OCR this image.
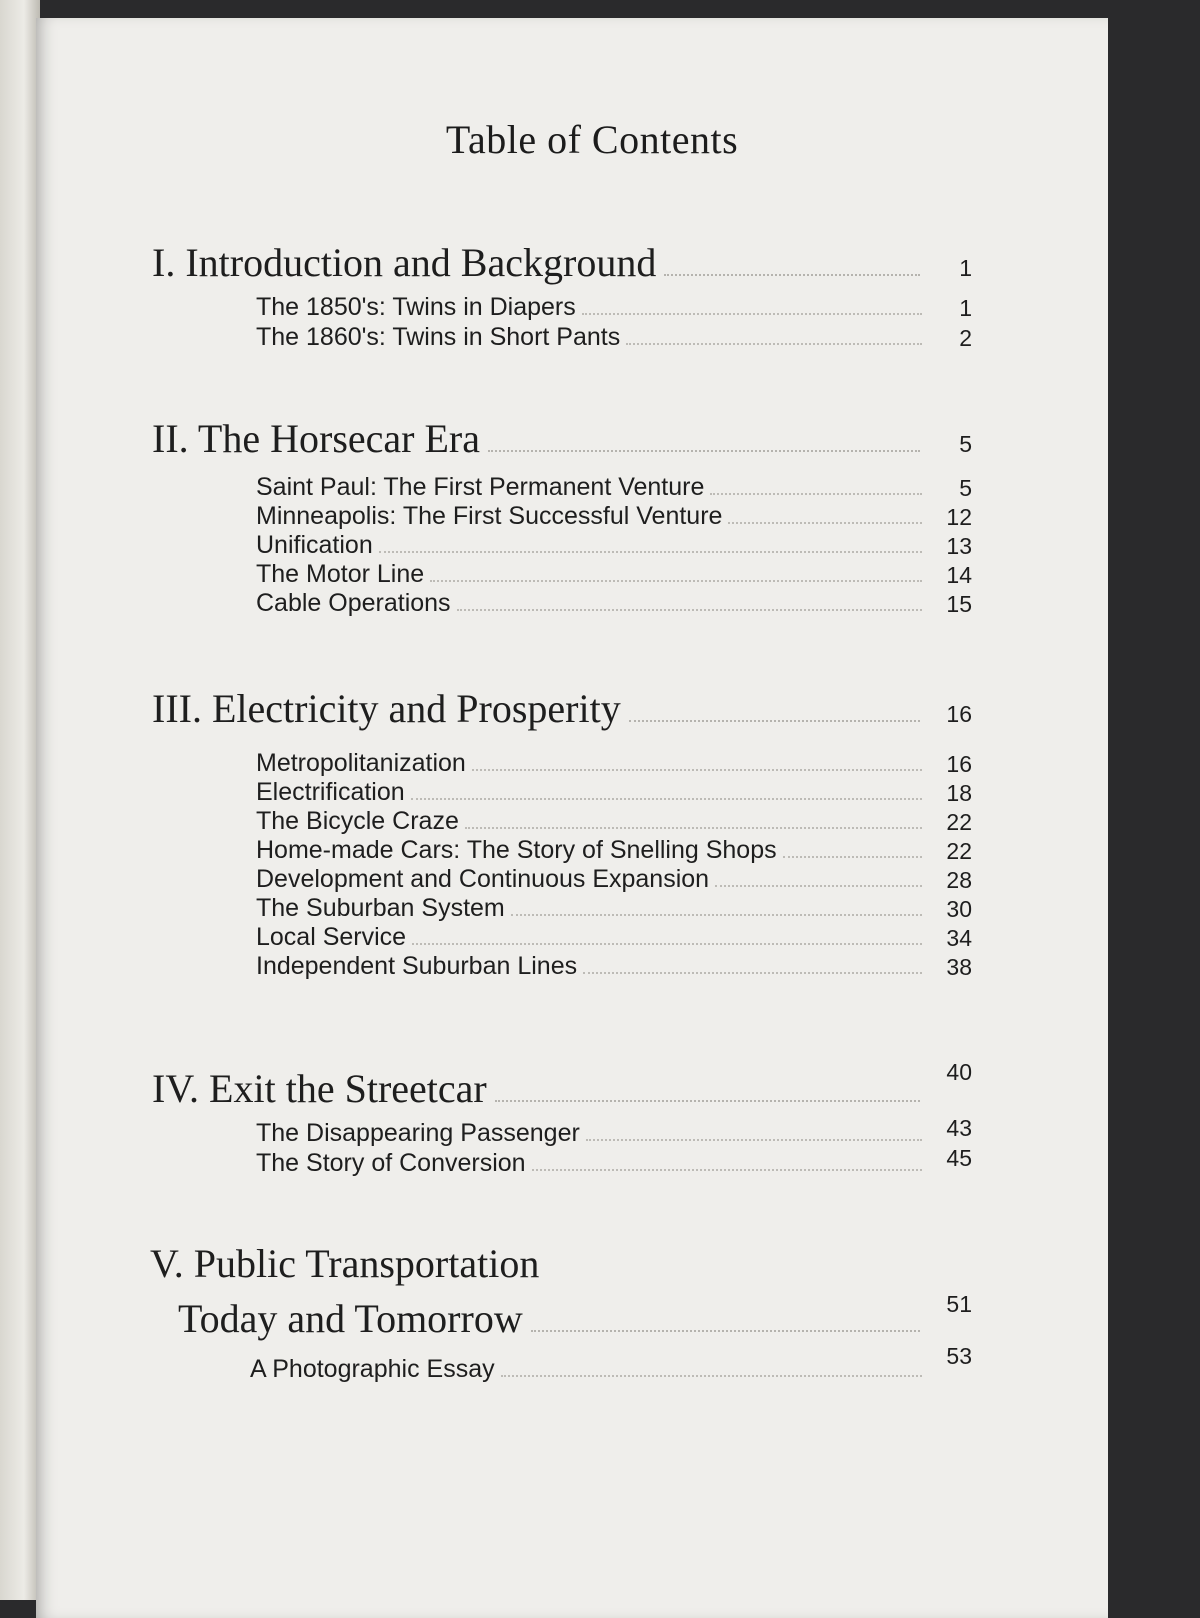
Table of Contents
I. Introduction and Background	1
The 1850's: Twins in Diapers	1
The 1860's: Twins in Short Pants	2
II. The Horsecar Era	5
Saint Paul: The First Permanent Venture	5
Minneapolis: The First Successful Venture	12
Unification	13
The Motor Line	14
Cable Operations	15
III. Electricity and Prosperity	16
Metropolitanization	16
Electrification	18
The Bicycle Craze	22
Home-made Cars: The Story of Snelling Shops	22
Development and Continuous Expansion	28
The Suburban System	30
Local Service	34
Independent Suburban Lines	38
IV. Exit the Streetcar	40
The Disappearing Passenger	43
The Story of Conversion	45
V. Public Transportation
Today and Tomorrow	51
A Photographic Essay	53
